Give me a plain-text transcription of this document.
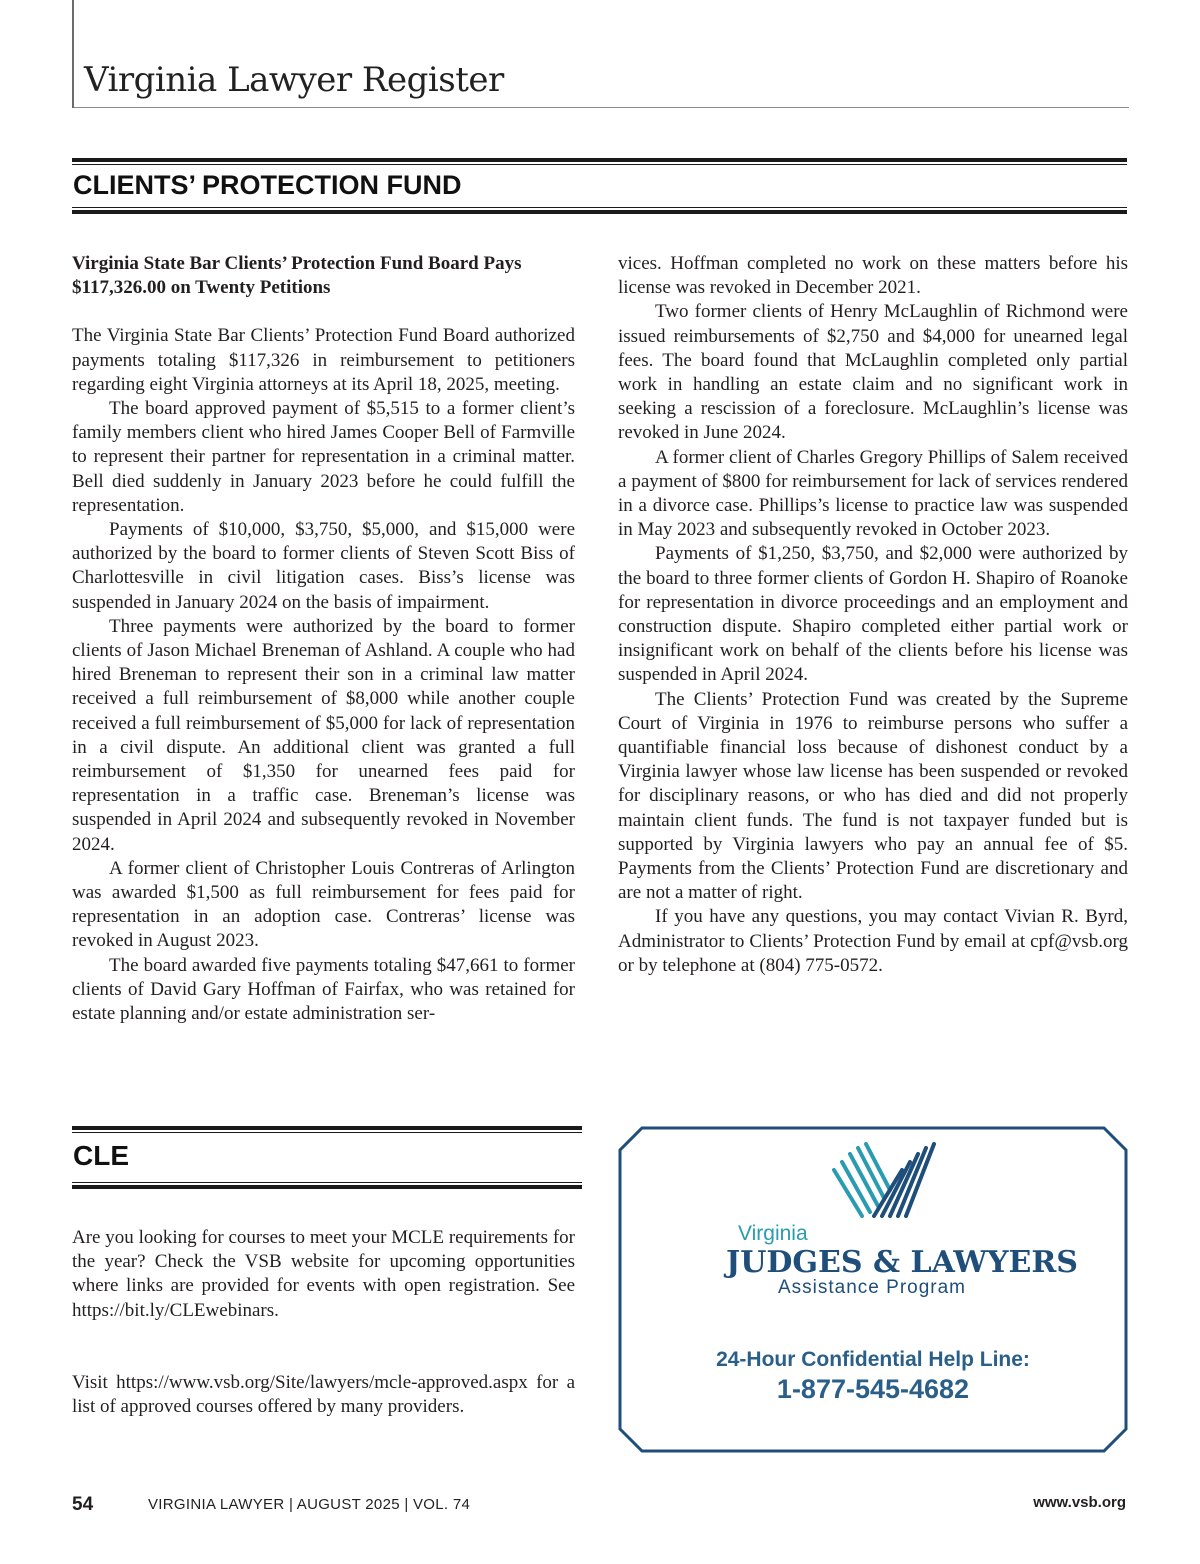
Virginia Lawyer Register
CLIENTS’ PROTECTION FUND

Virginia State Bar Clients’ Protection Fund Board Pays $117,326.00 on Twenty Petitions

The Virginia State Bar Clients’ Protection Fund Board authorized payments totaling $117,326 in reimbursement to petitioners regarding eight Virginia attorneys at its April 18, 2025, meeting.

The board approved payment of $5,515 to a former client’s family members client who hired James Cooper Bell of Farmville to represent their partner for representation in a criminal matter. Bell died suddenly in January 2023 before he could fulfill the representation.

Payments of $10,000, $3,750, $5,000, and $15,000 were authorized by the board to former clients of Steven Scott Biss of Charlottesville in civil litigation cases. Biss’s license was suspended in January 2024 on the basis of impairment.

Three payments were authorized by the board to former clients of Jason Michael Breneman of Ashland. A couple who had hired Breneman to represent their son in a criminal law matter received a full reimbursement of $8,000 while another couple received a full reimbursement of $5,000 for lack of representation in a civil dispute. An additional client was granted a full reimbursement of $1,350 for unearned fees paid for representation in a traffic case. Breneman’s license was suspended in April 2024 and subsequently revoked in November 2024.

A former client of Christopher Louis Contreras of Arlington was awarded $1,500 as full reimbursement for fees paid for representation in an adoption case. Contreras’ license was revoked in August 2023.

The board awarded five payments totaling $47,661 to former clients of David Gary Hoffman of Fairfax, who was retained for estate planning and/or estate administration ser-

vices. Hoffman completed no work on these matters before his license was revoked in December 2021.

Two former clients of Henry McLaughlin of Richmond were issued reimbursements of $2,750 and $4,000 for unearned legal fees. The board found that McLaughlin completed only partial work in handling an estate claim and no significant work in seeking a rescission of a foreclosure. McLaughlin’s license was revoked in June 2024.

A former client of Charles Gregory Phillips of Salem received a payment of $800 for reimbursement for lack of services rendered in a divorce case. Phillips’s license to practice law was suspended in May 2023 and subsequently revoked in October 2023.

Payments of $1,250, $3,750, and $2,000 were authorized by the board to three former clients of Gordon H. Shapiro of Roanoke for representation in divorce proceedings and an employment and construction dispute. Shapiro completed either partial work or insignificant work on behalf of the clients before his license was suspended in April 2024.

The Clients’ Protection Fund was created by the Supreme Court of Virginia in 1976 to reimburse persons who suffer a quantifiable financial loss because of dishonest conduct by a Virginia lawyer whose law license has been suspended or revoked for disciplinary reasons, or who has died and did not properly maintain client funds. The fund is not taxpayer funded but is supported by Virginia lawyers who pay an annual fee of $5. Payments from the Clients’ Protection Fund are discretionary and are not a matter of right.

If you have any questions, you may contact Vivian R. Byrd, Administrator to Clients’ Protection Fund by email at cpf@vsb.org or by telephone at (804) 775-0572.

CLE

Are you looking for courses to meet your MCLE requirements for the year? Check the VSB website for upcoming opportunities where links are provided for events with open registration. See https://bit.ly/CLEwebinars.

Visit https://www.vsb.org/Site/lawyers/mcle-approved.aspx for a list of approved courses offered by many providers.

Virginia
JUDGES & LAWYERS
Assistance Program
24-Hour Confidential Help Line:
1-877-545-4682
54	VIRGINIA LAWYER | AUGUST 2025 | VOL. 74	www.vsb.org
